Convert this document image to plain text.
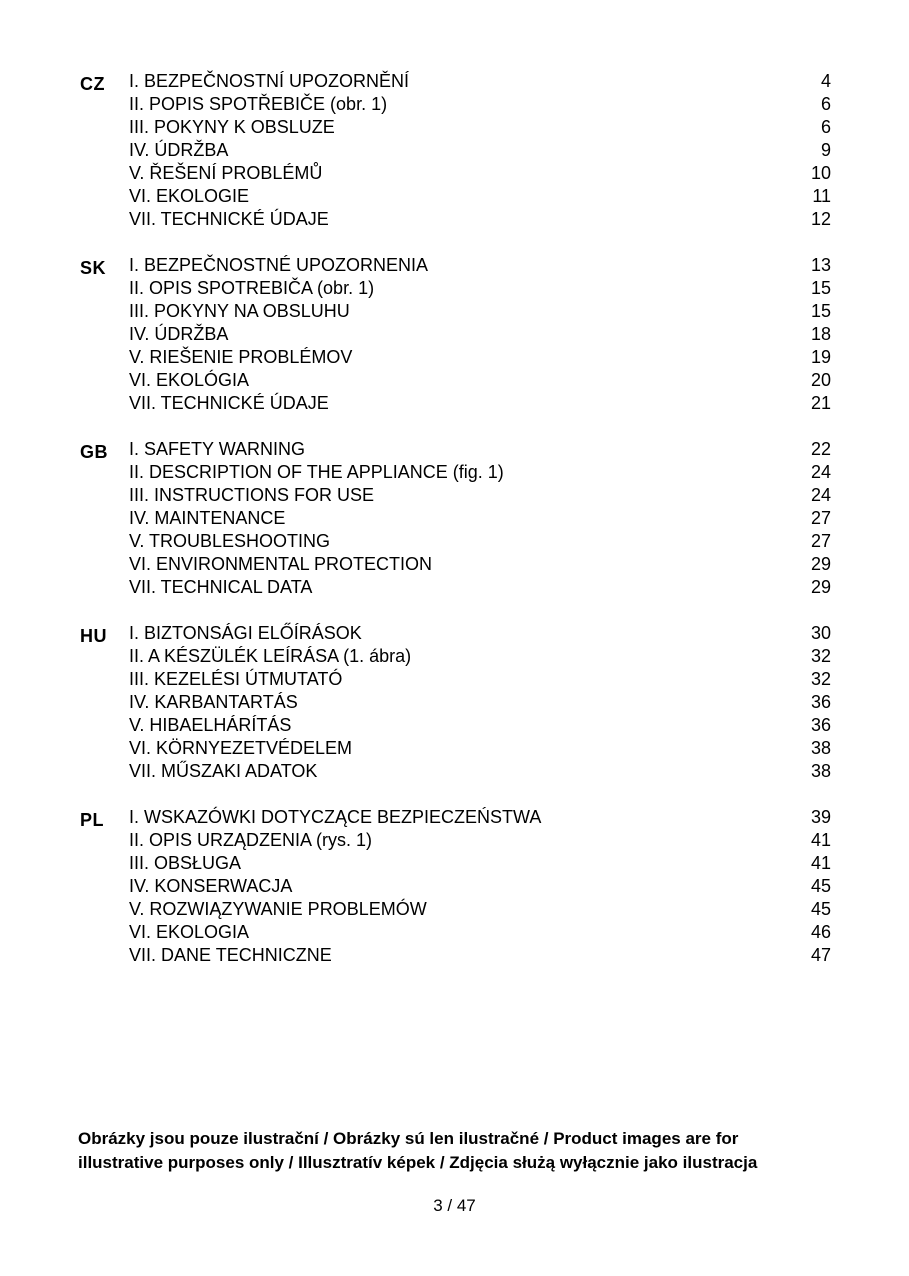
CZ I. BEZPEČNOSTNÍ UPOZORNĚNÍ	4
II. POPIS SPOTŘEBIČE (obr. 1)	6
III. POKYNY K OBSLUZE	6
IV. ÚDRŽBA	9
V. ŘEŠENÍ PROBLÉMŮ	10
VI. EKOLOGIE	11
VII. TECHNICKÉ ÚDAJE	12
SK I. BEZPEČNOSTNÉ UPOZORNENIA	13
II. OPIS SPOTREBIČA (obr. 1)	15
III. POKYNY NA OBSLUHU	15
IV. ÚDRŽBA	18
V. RIEŠENIE PROBLÉMOV	19
VI. EKOLÓGIA	20
VII. TECHNICKÉ ÚDAJE	21
GB I. SAFETY WARNING	22
II. DESCRIPTION OF THE APPLIANCE (fig. 1)	24
III. INSTRUCTIONS FOR USE	24
IV. MAINTENANCE	27
V. TROUBLESHOOTING	27
VI. ENVIRONMENTAL PROTECTION	29
VII. TECHNICAL DATA	29
HU I. BIZTONSÁGI ELŐÍRÁSOK	30
II. A KÉSZÜLÉK LEÍRÁSA (1. ábra)	32
III. KEZELÉSI ÚTMUTATÓ	32
IV. KARBANTARTÁS	36
V. HIBAELHÁRÍTÁS	36
VI. KÖRNYEZETVÉDELEM	38
VII. MŰSZAKI ADATOK	38
PL I. WSKAZÓWKI DOTYCZĄCE BEZPIECZEŃSTWA	39
II. OPIS URZĄDZENIA (rys. 1)	41
III. OBSŁUGA	41
IV. KONSERWACJA	45
V. ROZWIĄZYWANIE PROBLEMÓW	45
VI. EKOLOGIA	46
VII. DANE TECHNICZNE	47
Obrázky jsou pouze ilustrační / Obrázky sú len ilustračné / Product images are for
illustrative purposes only / Illusztratív képek / Zdjęcia służą wyłącznie jako ilustracja
3 / 47
